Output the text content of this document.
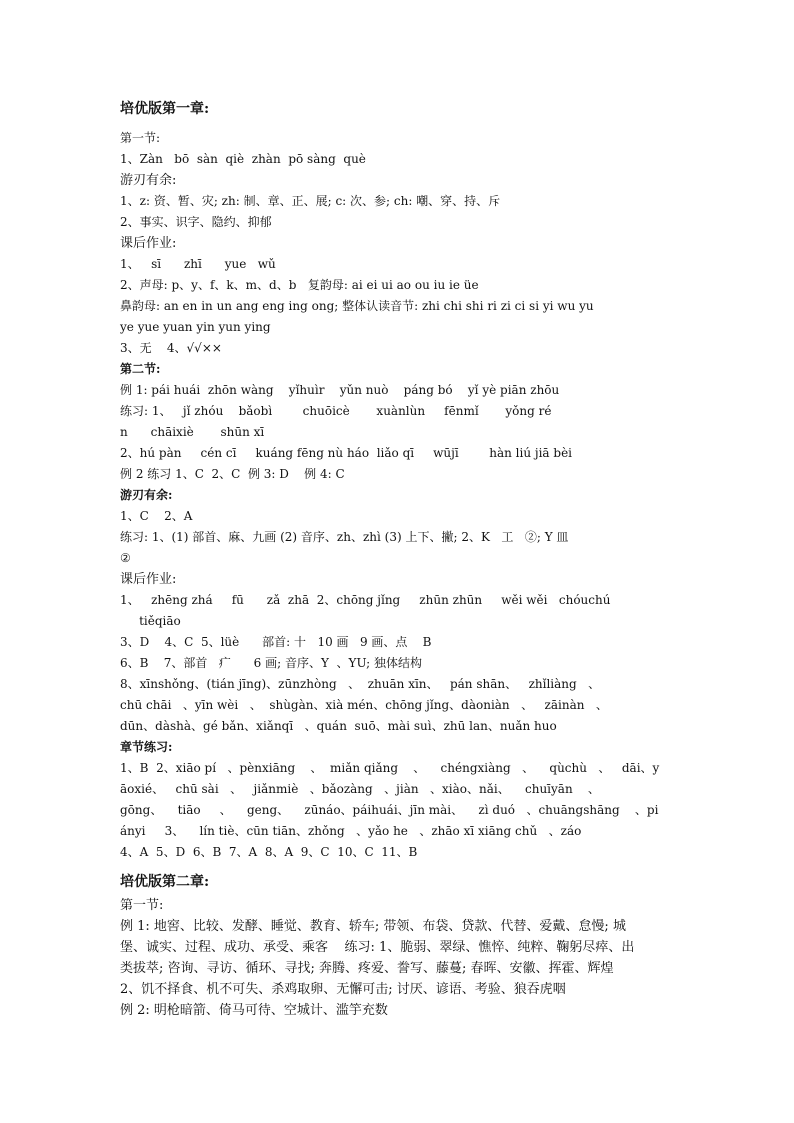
培优版第一章:
第一节:
1、Zàn   bō  sàn  qiè  zhàn  pō sàng  què
游刃有余:
1、z: 资、暂、灾; zh: 制、章、正、展; c: 次、参; ch: 嘲、穿、持、斥
2、事实、识字、隐约、抑郁
课后作业:
1、   sī      zhī      yue   wǔ
2、声母: p、y、f、k、m、d、b   复韵母: ai ei ui ao ou iu ie üe
鼻韵母: an en in un ang eng ing ong; 整体认读音节: zhi chi shi ri zi ci si yi wu yu
ye yue yuan yin yun ying
3、无    4、√√××
第二节:
例 1: pái huái  zhōn wàng    yǐhuìr    yǔn nuò    páng bó    yǐ yè piān zhōu
练习: 1、   jǐ zhóu    bǎobì        chuōicè       xuànlùn     fēnmǐ       yǒng ré
n      chāixiè       shūn xī
2、hú pàn     cén cī     kuáng fēng nù háo  liǎo qī     wūjī        hàn liú jiā bèi
例 2 练习 1、C  2、C  例 3: D    例 4: C
游刃有余:
1、C    2、A
练习: 1、(1) 部首、麻、九画 (2) 音序、zh、zhì (3) 上下、撇; 2、K   工   ②; Y 皿
②
课后作业:
1、   zhēng zhá     fū      zǎ  zhā  2、chōng jǐng     zhūn zhūn     wěi wěi   chóuchú
tiěqiāo
3、D    4、C  5、lüè      部首: 十   10 画   9 画、点    B
6、B    7、部首   疒      6 画; 音序、Y  、YU; 独体结构
8、xīnshǒng、(tián jīng)、zūnzhòng   、  zhuān xīn、   pán shān、   zhǐliàng   、
chū chāi   、yīn wèi   、  shùgàn、xià mén、chōng jǐng、dàoniàn   、   zāinàn   、
dūn、dàshà、gé bǎn、xiǎnqī   、quán  suō、mài suì、zhū lan、nuǎn huo
章节练习:
1、B  2、xiāo pí   、pènxiāng    、  miǎn qiǎng    、    chéngxiàng   、    qùchù   、   dāi、y
āoxié、   chū sài   、   jiǎnmiè   、bǎozàng   、jiàn   、xiào、nǎi、    chuīyān    、
gōng、    tiāo     、    geng、    zūnáo、páihuái、jīn mài、    zì duó   、chuāngshāng    、pi
ányi     3、    lín tiè、cūn tiān、zhǒng   、yǎo he   、zhāo xī xiāng chǔ   、záo
4、A  5、D  6、B  7、A  8、A  9、C  10、C  11、B
培优版第二章:
第一节:
例 1: 地窖、比较、发酵、睡觉、教育、轿车; 带领、布袋、贷款、代替、爱戴、怠慢; 城
堡、诚实、过程、成功、承受、乘客    练习: 1、脆弱、翠绿、憔悴、纯粹、鞠躬尽瘁、出
类拔萃; 咨询、寻访、循环、寻找; 奔腾、疼爱、誊写、藤蔓; 春晖、安徽、挥霍、辉煌
2、饥不择食、机不可失、杀鸡取卵、无懈可击; 讨厌、谚语、考验、狼吞虎咽
例 2: 明枪暗箭、倚马可待、空城计、滥竽充数
